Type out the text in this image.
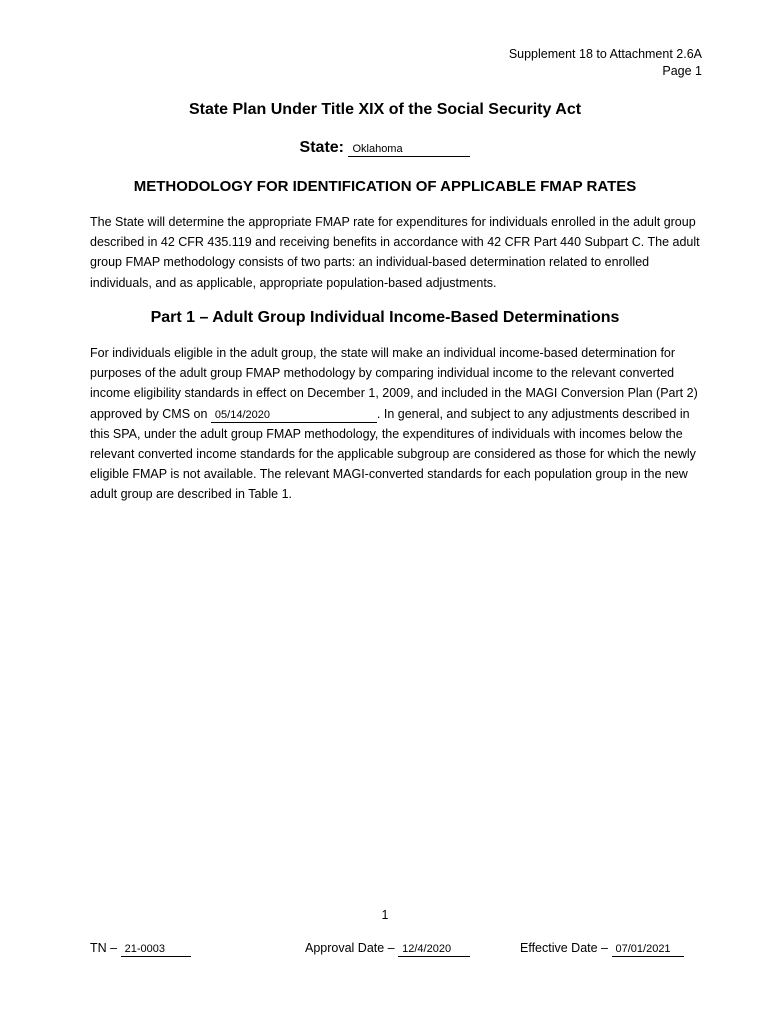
Supplement 18 to Attachment 2.6A
Page 1
State Plan Under Title XIX of the Social Security Act
State: Oklahoma
METHODOLOGY FOR IDENTIFICATION OF APPLICABLE FMAP RATES
The State will determine the appropriate FMAP rate for expenditures for individuals enrolled in the adult group described in 42 CFR 435.119 and receiving benefits in accordance with 42 CFR Part 440 Subpart C. The adult group FMAP methodology consists of two parts: an individual-based determination related to enrolled individuals, and as applicable, appropriate population-based adjustments.
Part 1 – Adult Group Individual Income-Based Determinations
For individuals eligible in the adult group, the state will make an individual income-based determination for purposes of the adult group FMAP methodology by comparing individual income to the relevant converted income eligibility standards in effect on December 1, 2009, and included in the MAGI Conversion Plan (Part 2) approved by CMS on 05/14/2020	. In general, and subject to any adjustments described in this SPA, under the adult group FMAP methodology, the expenditures of individuals with incomes below the relevant converted income standards for the applicable subgroup are considered as those for which the newly eligible FMAP is not available. The relevant MAGI-converted standards for each population group in the new adult group are described in Table 1.
1
TN – 21-0003	Approval Date – 12/4/2020	Effective Date – 07/01/2021
